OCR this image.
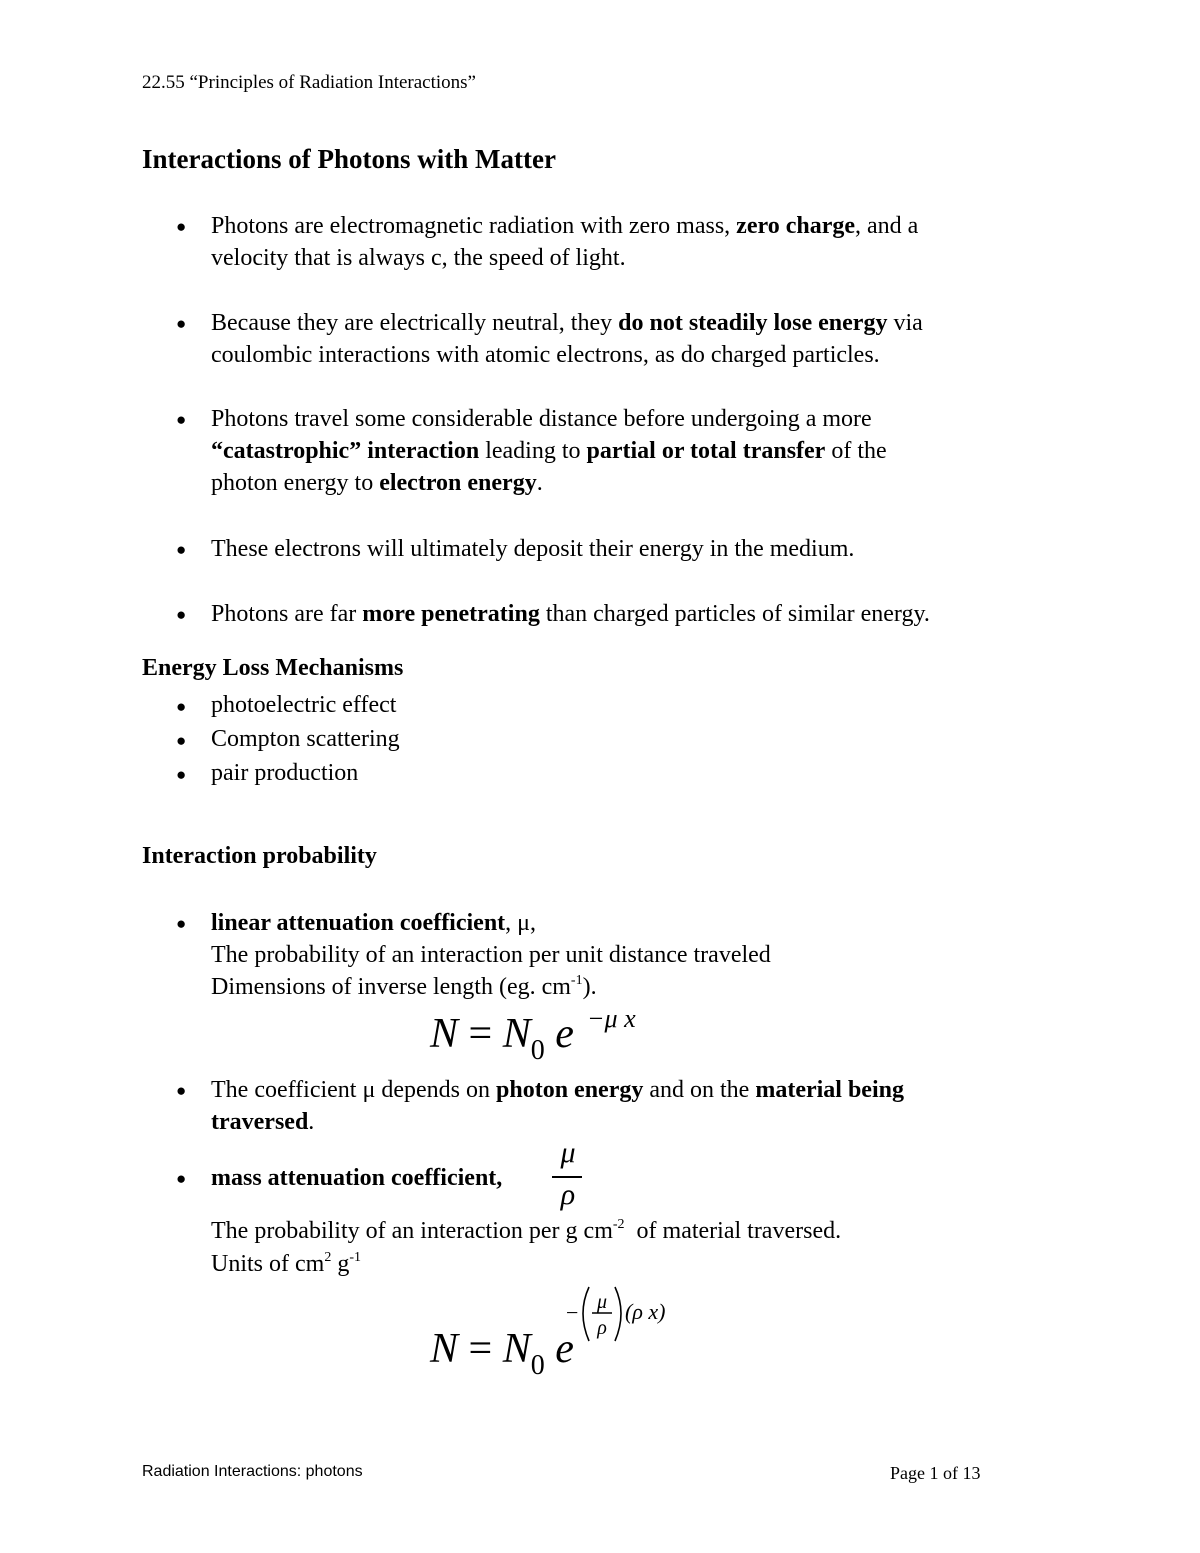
22.55 “Principles of Radiation Interactions”
Interactions of Photons with Matter
● Photons are electromagnetic radiation with zero mass, zero charge, and a
velocity that is always c, the speed of light.
● Because they are electrically neutral, they do not steadily lose energy via
coulombic interactions with atomic electrons, as do charged particles.
● Photons travel some considerable distance before undergoing a more
“catastrophic” interaction leading to partial or total transfer of the
photon energy to electron energy.
● These electrons will ultimately deposit their energy in the medium.
● Photons are far more penetrating than charged particles of similar energy.
Energy Loss Mechanisms
● photoelectric effect
● Compton scattering
● pair production
Interaction probability
● linear attenuation coefficient, μ,
The probability of an interaction per unit distance traveled
Dimensions of inverse length (eg. $cm^{-1}$).
$N = N_0$ e −μ x
● The coefficient μ depends on photon energy and on the material being
traversed.
● mass attenuation coefficient,
μ
ρ
The probability of an interaction per g $cm^{-2}$  of material traversed.
Units of $cm^2$ $g^{-1}$
$N = N_0$ e
− μ
ρ
(ρ x)
Radiation Interactions: photons	Page 1 of 13
